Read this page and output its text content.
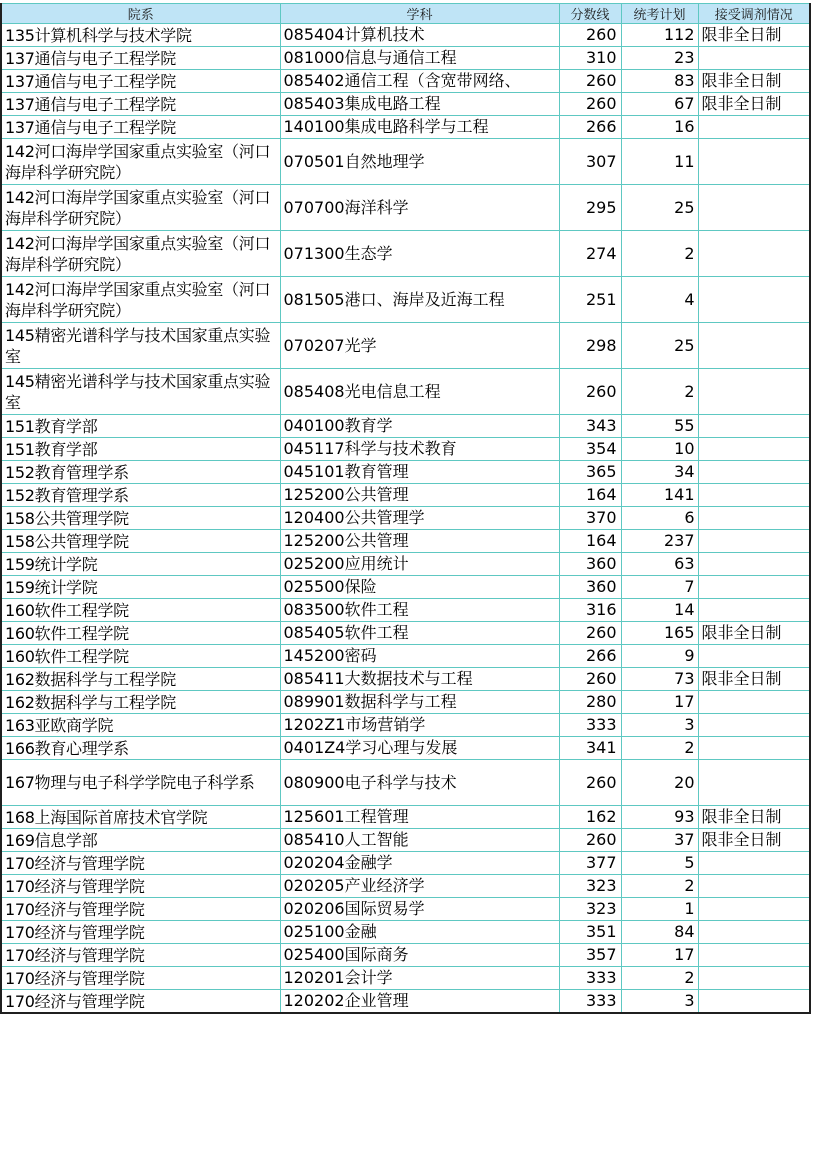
院系	学科	分数线	统考计划	接受调剂情况
135计算机科学与技术学院	085404计算机技术	260	112	限非全日制
137通信与电子工程学院	081000信息与通信工程	310	23	
137通信与电子工程学院	085402通信工程（含宽带网络、	260	83	限非全日制
137通信与电子工程学院	085403集成电路工程	260	67	限非全日制
137通信与电子工程学院	140100集成电路科学与工程	266	16	
142河口海岸学国家重点实验室（河口海岸科学研究院）	070501自然地理学	307	11	
142河口海岸学国家重点实验室（河口海岸科学研究院）	070700海洋科学	295	25	
142河口海岸学国家重点实验室（河口海岸科学研究院）	071300生态学	274	2	
142河口海岸学国家重点实验室（河口海岸科学研究院）	081505港口、海岸及近海工程	251	4	
145精密光谱科学与技术国家重点实验室	070207光学	298	25	
145精密光谱科学与技术国家重点实验室	085408光电信息工程	260	2	
151教育学部	040100教育学	343	55	
151教育学部	045117科学与技术教育	354	10	
152教育管理学系	045101教育管理	365	34	
152教育管理学系	125200公共管理	164	141	
158公共管理学院	120400公共管理学	370	6	
158公共管理学院	125200公共管理	164	237	
159统计学院	025200应用统计	360	63	
159统计学院	025500保险	360	7	
160软件工程学院	083500软件工程	316	14	
160软件工程学院	085405软件工程	260	165	限非全日制
160软件工程学院	145200密码	266	9	
162数据科学与工程学院	085411大数据技术与工程	260	73	限非全日制
162数据科学与工程学院	089901数据科学与工程	280	17	
163亚欧商学院	1202Z1市场营销学	333	3	
166教育心理学系	0401Z4学习心理与发展	341	2	
167物理与电子科学学院电子科学系	080900电子科学与技术	260	20	
168上海国际首席技术官学院	125601工程管理	162	93	限非全日制
169信息学部	085410人工智能	260	37	限非全日制
170经济与管理学院	020204金融学	377	5	
170经济与管理学院	020205产业经济学	323	2	
170经济与管理学院	020206国际贸易学	323	1	
170经济与管理学院	025100金融	351	84	
170经济与管理学院	025400国际商务	357	17	
170经济与管理学院	120201会计学	333	2	
170经济与管理学院	120202企业管理	333	3	
